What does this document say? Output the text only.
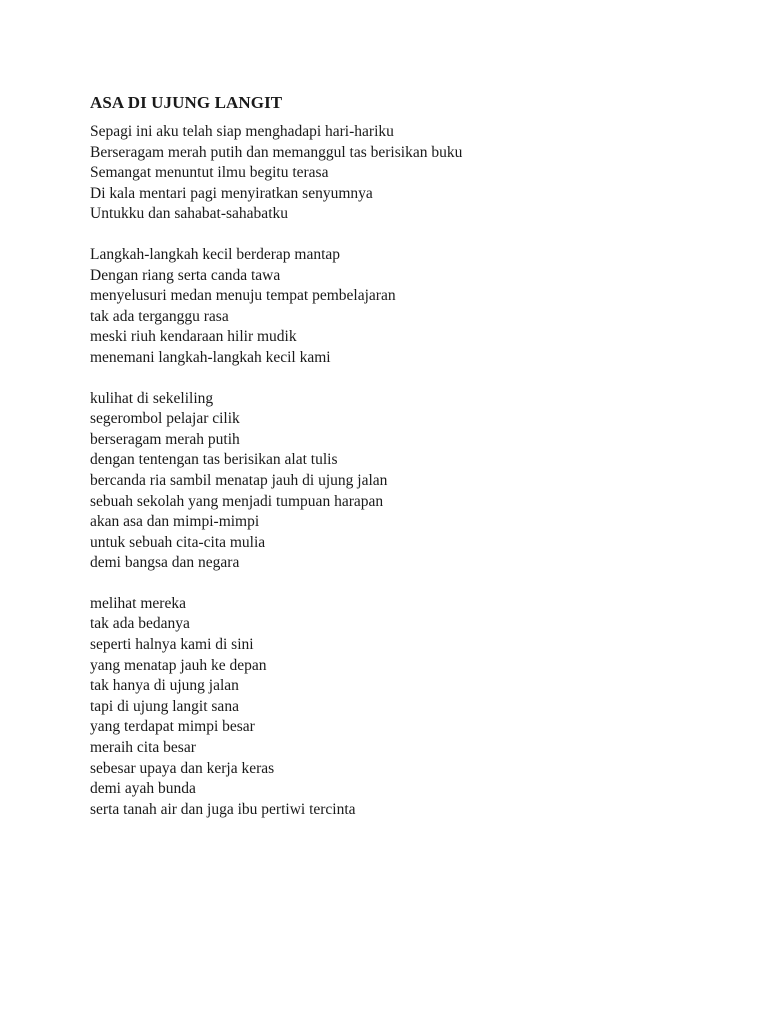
ASA DI UJUNG LANGIT
Sepagi ini aku telah siap menghadapi hari-hariku
Berseragam merah putih dan memanggul tas berisikan buku
Semangat menuntut ilmu begitu terasa
Di kala mentari pagi menyiratkan senyumnya
Untukku dan sahabat-sahabatku
Langkah-langkah kecil berderap mantap
Dengan riang serta canda tawa
menyelusuri medan menuju tempat pembelajaran
tak ada terganggu rasa
meski riuh kendaraan hilir mudik
menemani langkah-langkah kecil kami
kulihat di sekeliling
segerombol pelajar cilik
berseragam merah putih
dengan tentengan tas berisikan alat tulis
bercanda ria sambil menatap jauh di ujung jalan
sebuah sekolah yang menjadi tumpuan harapan
akan asa dan mimpi-mimpi
untuk sebuah cita-cita mulia
demi bangsa dan negara
melihat mereka
tak ada bedanya
seperti halnya kami di sini
yang menatap jauh ke depan
tak hanya di ujung jalan
tapi di ujung langit sana
yang terdapat mimpi besar
meraih cita besar
sebesar upaya dan kerja keras
demi ayah bunda
serta tanah air dan juga ibu pertiwi tercinta
